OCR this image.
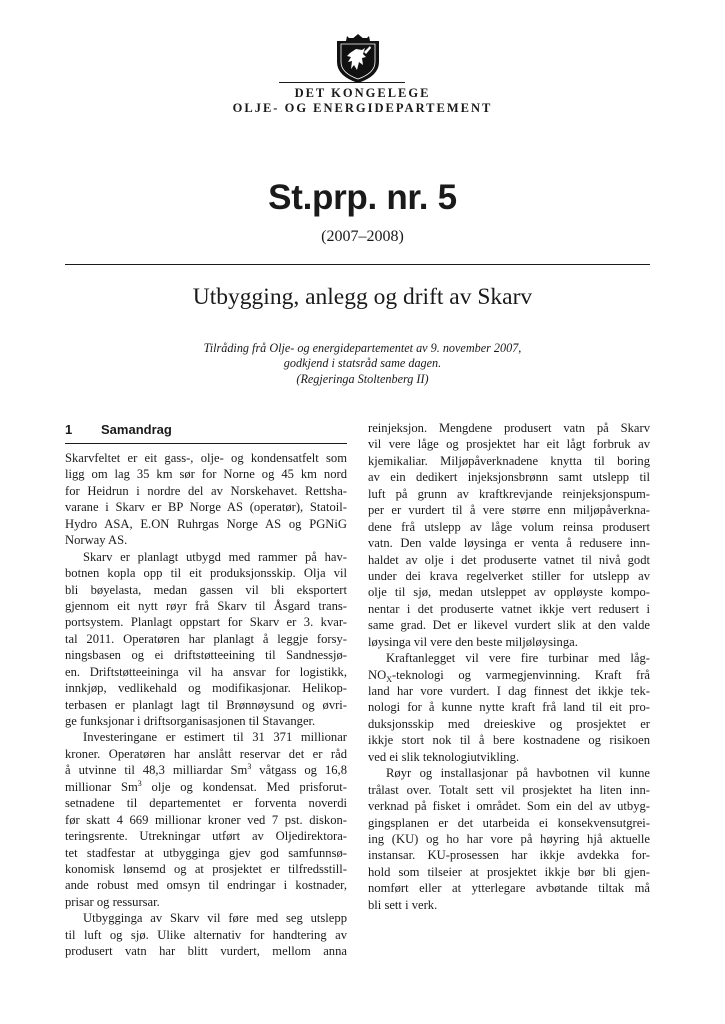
DET KONGELEGE
OLJE- OG ENERGIDEPARTEMENT
St.prp. nr. 5
(2007–2008)
Utbygging, anlegg og drift av Skarv
Tilråding frå Olje- og energidepartementet av 9. november 2007,
godkjend i statsråd same dagen.
(Regjeringa Stoltenberg II)
1 Samandrag
Skarvfeltet er eit gass-, olje- og kondensatfelt som
ligg om lag 35 km sør for Norne og 45 km nord
for Heidrun i nordre del av Norskehavet. Rettsha-
varane i Skarv er BP Norge AS (operatør), Statoil-
Hydro ASA, E.ON Ruhrgas Norge AS og PGNiG
Norway AS.
Skarv er planlagt utbygd med rammer på hav-
botnen kopla opp til eit produksjonsskip. Olja vil
bli bøyelasta, medan gassen vil bli eksportert
gjennom eit nytt røyr frå Skarv til Åsgard trans-
portsystem. Planlagt oppstart for Skarv er 3. kvar-
tal 2011. Operatøren har planlagt å leggje forsy-
ningsbasen og ei driftstøtteeining til Sandnessjø-
en. Driftstøtteeininga vil ha ansvar for logistikk,
innkjøp, vedlikehald og modifikasjonar. Helikop-
terbasen er planlagt lagt til Brønnøysund og øvri-
ge funksjonar i driftsorganisasjonen til Stavanger.
Investeringane er estimert til 31 371 millionar
kroner. Operatøren har anslått reservar det er råd
å utvinne til 48,3 milliardar Sm$^3$ våtgass og 16,8
millionar Sm$^3$ olje og kondensat. Med prisforut-
setnadene til departementet er forventa noverdi
før skatt 4 669 millionar kroner ved 7 pst. diskon-
teringsrente. Utrekningar utført av Oljedirektora-
tet stadfestar at utbygginga gjev god samfunnsø-
konomisk lønsemd og at prosjektet er tilfredsstill-
ande robust med omsyn til endringar i kostnader,
prisar og ressursar.
Utbygginga av Skarv vil føre med seg utslepp
til luft og sjø. Ulike alternativ for handtering av
produsert vatn har blitt vurdert, mellom anna
reinjeksjon. Mengdene produsert vatn på Skarv
vil vere låge og prosjektet har eit lågt forbruk av
kjemikaliar. Miljøpåverknadene knytta til boring
av ein dedikert injeksjonsbrønn samt utslepp til
luft på grunn av kraftkrevjande reinjeksjonspum-
per er vurdert til å vere større enn miljøpåverkna-
dene frå utslepp av låge volum reinsa produsert
vatn. Den valde løysinga er venta å redusere inn-
haldet av olje i det produserte vatnet til nivå godt
under dei krava regelverket stiller for utslepp av
olje til sjø, medan utsleppet av oppløyste kompo-
nentar i det produserte vatnet ikkje vert redusert i
same grad. Det er likevel vurdert slik at den valde
løysinga vil vere den beste miljøløysinga.
Kraftanlegget vil vere fire turbinar med låg-
$NO_X$-teknologi og varmegjenvinning. Kraft frå
land har vore vurdert. I dag finnest det ikkje tek-
nologi for å kunne nytte kraft frå land til eit pro-
duksjonsskip med dreieskive og prosjektet er
ikkje stort nok til å bere kostnadene og risikoen
ved ei slik teknologiutvikling.
Røyr og installasjonar på havbotnen vil kunne
trålast over. Totalt sett vil prosjektet ha liten inn-
verknad på fisket i området. Som ein del av utbyg-
gingsplanen er det utarbeida ei konsekvensutgrei-
ing (KU) og ho har vore på høyring hjå aktuelle
instansar. KU-prosessen har ikkje avdekka for-
hold som tilseier at prosjektet ikkje bør bli gjen-
nomført eller at ytterlegare avbøtande tiltak må
bli sett i verk.
